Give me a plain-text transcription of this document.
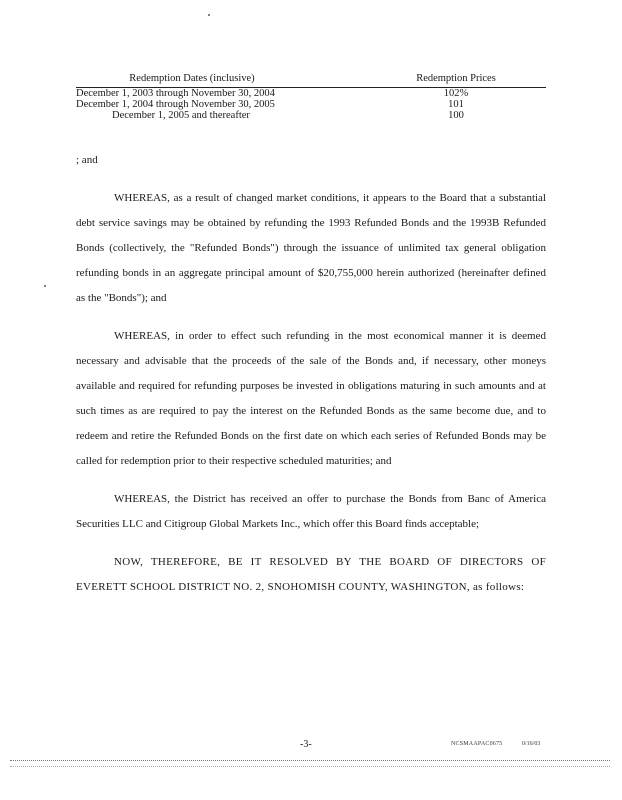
Redemption Dates (inclusive)	Redemption Prices
December 1, 2003 through November 30, 2004	102%
December 1, 2004 through November 30, 2005	101
December 1, 2005 and thereafter	100

; and

WHEREAS, as a result of changed market conditions, it appears to the Board that a substantial debt service savings may be obtained by refunding the 1993 Refunded Bonds and the 1993B Refunded Bonds (collectively, the "Refunded Bonds") through the issuance of unlimited tax general obligation refunding bonds in an aggregate principal amount of $20,755,000 herein authorized (hereinafter defined as the "Bonds"); and

WHEREAS, in order to effect such refunding in the most economical manner it is deemed necessary and advisable that the proceeds of the sale of the Bonds and, if necessary, other moneys available and required for refunding purposes be invested in obligations maturing in such amounts and at such times as are required to pay the interest on the Refunded Bonds as the same become due, and to redeem and retire the Refunded Bonds on the first date on which each series of Refunded Bonds may be called for redemption prior to their respective scheduled maturities; and

WHEREAS, the District has received an offer to purchase the Bonds from Banc of America Securities LLC and Citigroup Global Markets Inc., which offer this Board finds acceptable;

NOW, THEREFORE, BE IT RESOLVED BY THE BOARD OF DIRECTORS OF EVERETT SCHOOL DISTRICT NO. 2, SNOHOMISH COUNTY, WASHINGTON, as follows:

-3-	NCSMAAPAC0675	0/16/03
